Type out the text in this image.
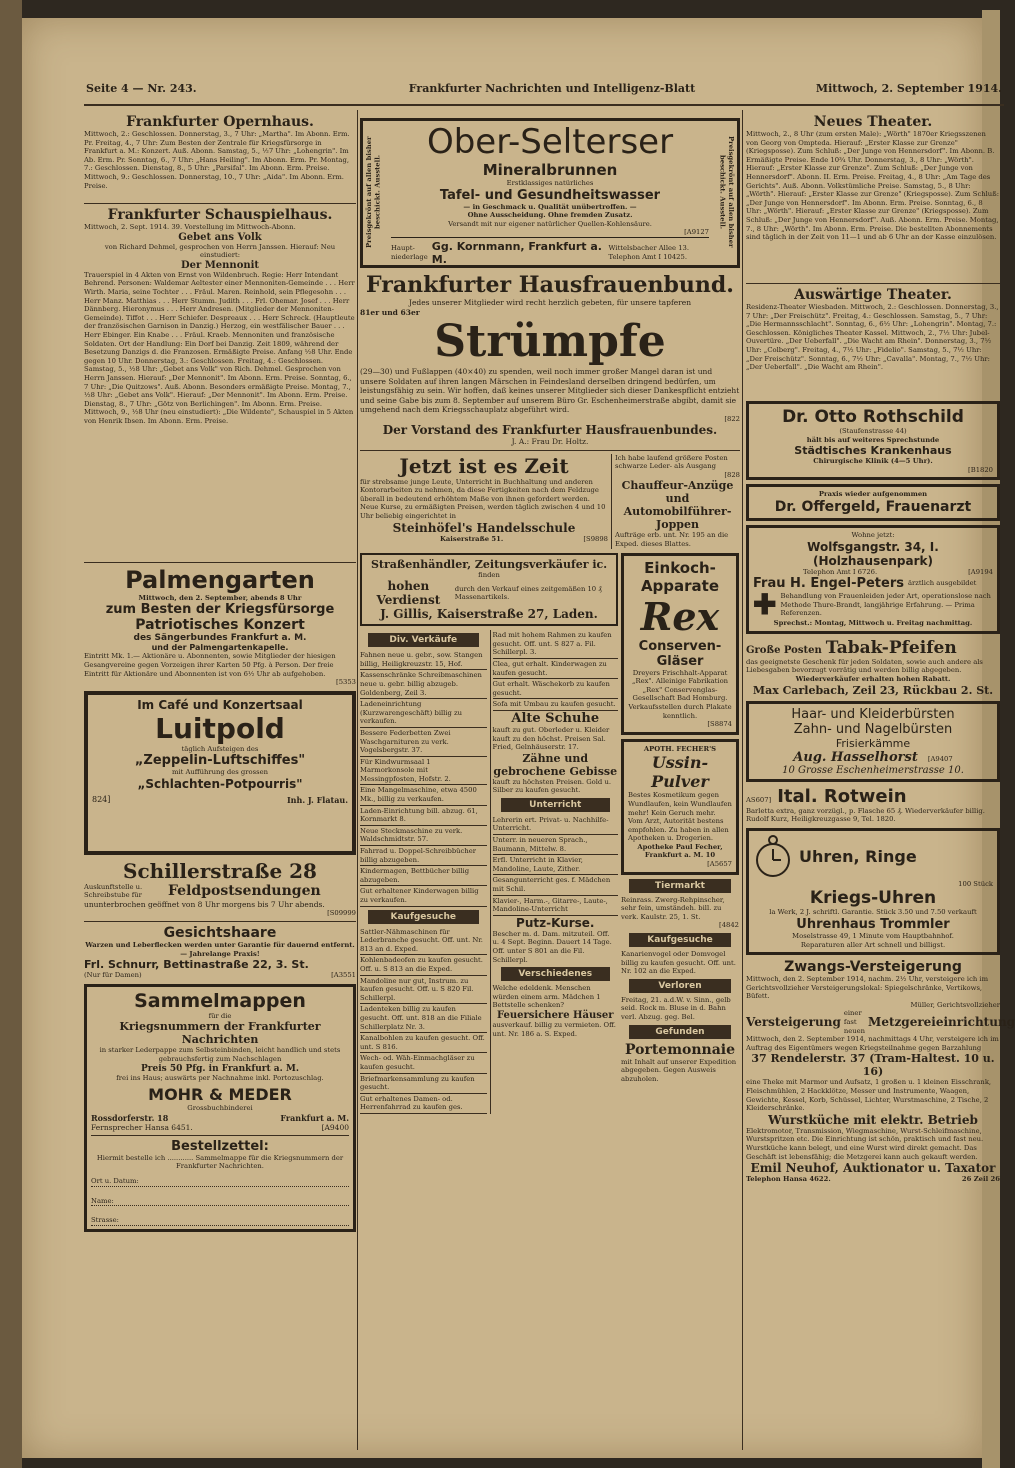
Seite 4 — Nr. 243.	Frankfurter Nachrichten und Intelligenz-Blatt	Mittwoch, 2. September 1914.
Frankfurter Opernhaus.
Mittwoch, 2.: Geschlossen. Donnerstag, 3., 7 Uhr: „Martha". Im Abonn. Erm. Pr. Freitag, 4., 7 Uhr: Zum Besten der Zentrale für Kriegsfürsorge in Frankfurt a. M.: Konzert. Auß. Abonn. Samstag, 5., ½7 Uhr: „Lohengrin". Im Ab. Erm. Pr. Sonntag, 6., 7 Uhr: „Hans Heiling". Im Abonn. Erm. Pr. Montag, 7.: Geschlossen. Dienstag, 8., 5 Uhr: „Parsifal". Im Abonn. Erm. Preise. Mittwoch, 9.: Geschlossen. Donnerstag, 10., 7 Uhr: „Aida". Im Abonn. Erm. Preise.
Frankfurter Schauspielhaus.
Mittwoch, 2. Sept. 1914. 39. Vorstellung im Mittwoch-Abonn.
Gebet ans Volk
von Richard Dehmel, gesprochen von Herrn Janssen. Hierauf: Neu einstudiert:
Der Mennonit
Trauerspiel in 4 Akten von Ernst von Wildenbruch. Regie: Herr Intendant Behrend. Personen: Waldemar Aeltester einer Mennoniten-Gemeinde . . . Herr Wirth. Maria, seine Tochter . . . Fräul. Maren. Reinhold, sein Pflegesohn . . . Herr Manz. Matthias . . . Herr Stumm. Judith . . . Frl. Ohemar. Josef . . . Herr Dännberg. Hieronymus . . . Herr Andresen. (Mitglieder der Mennoniten-Gemeinde). Tiffot . . . Herr Schiefer. Despreaux . . . Herr Schreck. (Hauptleute der französischen Garnison in Danzig.) Herzog, ein westfälischer Bauer . . . Herr Ebinger. Ein Knabe . . . Fräul. Kraeb. Mennoniten und französische Soldaten. Ort der Handlung: Ein Dorf bei Danzig. Zeit 1809, während der Besetzung Danzigs d. die Franzosen. Ermäßigte Preise. Anfang ½8 Uhr. Ende gegen 10 Uhr. Donnerstag, 3.: Geschlossen. Freitag, 4.: Geschlossen. Samstag, 5., ½8 Uhr: „Gebet ans Volk" von Rich. Dehmel. Gesprochen von Herrn Janssen. Hierauf: „Der Mennonit". Im Abonn. Erm. Preise. Sonntag, 6., 7 Uhr: „Die Quitzows". Auß. Abonn. Besonders ermäßigte Preise. Montag, 7., ½8 Uhr: „Gebet ans Volk". Hierauf: „Der Mennonit". Im Abonn. Erm. Preise. Dienstag, 8., 7 Uhr: „Götz von Berlichingen". Im Abonn. Erm. Preise. Mittwoch, 9., ½8 Uhr (neu einstudiert): „Die Wildente", Schauspiel in 5 Akten von Henrik Ibsen. Im Abonn. Erm. Preise.
Palmengarten
Mittwoch, den 2. September, abends 8 Uhr
zum Besten der Kriegsfürsorge
Patriotisches Konzert
des Sängerbundes Frankfurt a. M.
und der Palmengartenkapelle.
Eintritt Mk. 1.— Aktionäre u. Abonnenten, sowie Mitglieder der hiesigen Gesangvereine gegen Vorzeigen ihrer Karten 50 Pfg. à Person. Der freie Eintritt für Aktionäre und Abonnenten ist von 6½ Uhr ab aufgehoben.
[5353
Im Café und Konzertsaal
Luitpold
täglich Aufsteigen des
„Zeppelin-Luftschiffes"
mit Aufführung des grossen
„Schlachten-Potpourris"
824]	Inh. J. Flatau.
Schillerstraße 28
Auskunftstelle u. Schreibstube für	Feldpostsendungen
ununterbrochen geöffnet von 8 Uhr morgens bis 7 Uhr abends.
[S09999
Gesichtshaare
Warzen und Leberflecken werden unter Garantie für dauernd entfernt. — Jahrelange Praxis!
Frl. Schnurr, Bettinastraße 22, 3. St.
(Nur für Damen)	[A3551
Sammelmappen
für die
Kriegsnummern der Frankfurter Nachrichten
in starker Lederpappe zum Selbsteinbinden, leicht handlich und stets gebrauchsfertig zum Nachschlagen
Preis 50 Pfg. in Frankfurt a. M.
frei ins Haus; auswärts per Nachnahme inkl. Portozuschlag.
MOHR & MEDER
Grossbuchbinderei
Rossdorferstr. 18	Frankfurt a. M.
Fernsprecher Hansa 6451.	[A9400
Bestellzettel:
Hiermit bestelle ich ............ Sammelmappe für die Kriegsnummern der Frankfurter Nachrichten.
Ort u. Datum:
Name:
Strasse:
Preisgekrönt auf allen bisher beschickt. Ausstell.	Preisgekrönt auf allen bisher beschickt. Ausstell.
Ober-Selterser
Mineralbrunnen
Erstklassiges natürliches
Tafel- und Gesundheitswasser
— in Geschmack u. Qualität unübertroffen. —
Ohne Ausscheidung. Ohne fremden Zusatz.
Versandt mit nur eigener natürlicher Quellen-Kohlensäure.
[A9127
Haupt-niederlage
Gg. Kornmann, Frankfurt a. M.
Wittelsbacher Allee 13. Telephon Amt I 10425.
Frankfurter Hausfrauenbund.
Jedes unserer Mitglieder wird recht herzlich gebeten, für unsere tapferen
81er und 63er
Strümpfe
(29—30) und Fußlappen (40×40) zu spenden, weil noch immer großer Mangel daran ist und unsere Soldaten auf ihren langen Märschen in Feindesland derselben dringend bedürfen, um leistungsfähig zu sein. Wir hoffen, daß keines unserer Mitglieder sich dieser Dankespflicht entzieht und seine Gabe bis zum 8. September auf unserem Büro Gr. Eschenheimerstraße abgibt, damit sie umgehend nach dem Kriegsschauplatz abgeführt wird.
[822
Der Vorstand des Frankfurter Hausfrauenbundes.
J. A.: Frau Dr. Holtz.
Jetzt ist es Zeit
für strebsame junge Leute, Unterricht in Buchhaltung und anderen Kontorarbeiten zu nehmen, da diese Fertigkeiten nach dem Feldzuge überall in bedeutend erhöhtem Maße von ihnen gefordert werden. Neue Kurse, zu ermäßigten Preisen, werden täglich zwischen 4 und 10 Uhr beliebig eingerichtet in
Steinhöfel's Handelsschule
Kaiserstraße 51.	[S9898
Ich habe laufend größere Posten schwarze Leder- als Ausgang
[828
Chauffeur-Anzüge und Automobilführer-Joppen
Aufträge erb. unt. Nr. 195 an die Exped. dieses Blattes.
Straßenhändler, Zeitungsverkäufer ic.
finden
hohen Verdienst
durch den Verkauf eines zeitgemäßen 10 ₰ Massenartikels.
J. Gillis, Kaiserstraße 27, Laden.
Div. Verkäufe
Fahnen neue u. gebr., sow. Stangen billig, Heiligkreuzstr. 15, Hof.
Kassenschränke Schreibmaschinen neue u. gebr. billig abzugeb. Goldenberg, Zeil 3.
Ladeneinrichtung (Kurzwarengeschäft) billig zu verkaufen.
Bessere Federbetten Zwei Waschgarnituren zu verk. Vogelsbergstr. 37.
Für Kindwurmsaal 1 Marmorkonsole mit Messingpfosten, Hofstr. 2.
Eine Mangelmaschine, etwa 4500 Mk., billig zu verkaufen.
Laden-Einrichtung bill. abzug. 61, Kornmarkt 8.
Neue Steckmaschine zu verk. Waldschmidtstr. 57.
Fahrrad u. Doppel-Schreibbücher billig abzugeben.
Kindermagen, Bettbücher billig abzugeben.
Gut erhaltener Kinderwagen billig zu verkaufen.
Kaufgesuche
Sattler-Nähmaschinen für Lederbranche gesucht. Off. unt. Nr. 813 an d. Exped.
Kohlenbadeofen zu kaufen gesucht. Off. u. S 813 an die Exped.
Mandoline nur gut, Instrum. zu kaufen gesucht. Off. u. S 820 Fil. Schillerpl.
Ladenteken billig zu kaufen gesucht. Off. unt. 818 an die Filiale Schillerplatz Nr. 3.
Kanalbohlen zu kaufen gesucht. Off. unt. S 816.
Wech- od. Wäh-Einmachgläser zu kaufen gesucht.
Briefmarkensammlung zu kaufen gesucht.
Gut erhaltenes Damen- od. Herrenfahrrad zu kaufen ges.
Rad mit hohem Rahmen zu kaufen gesucht. Off. unt. S 827 a. Fil. Schillerpl. 3.
Clea, gut erhalt. Kinderwagen zu kaufen gesucht.
Gut erhalt. Wäschekorb zu kaufen gesucht.
Sofa mit Umbau zu kaufen gesucht.
Alte Schuhe
kauft zu gut. Oberleder u. Kleider kauft zu den höchst. Preisen Sal. Fried, Gelnhäuserstr. 17.
Zähne und gebrochene Gebisse
kauft zu höchsten Preisen. Gold u. Silber zu kaufen gesucht.
Unterricht
Lehrerin ert. Privat- u. Nachhilfe-Unterricht.
Unterr. in neueren Sprach., Baumann, Mittelw. 8.
Erfl. Unterricht in Klavier, Mandoline, Laute, Zither.
Gesangunterricht ges. f. Mädchen mit Schil.
Klavier-, Harm.-, Gitarre-, Laute-, Mandoline-Unterricht
Putz-Kurse.
Bescher m. d. Dam. mitzuteil. Off. u. 4 Sept. Beginn. Dauert 14 Tage. Off. unter S 801 an die Fil. Schillerpl.
Verschiedenes
Welche edeldenk. Menschen würden einem arm. Mädchen 1 Bettstelle schenken?
Feuersichere Häuser
ausverkauf. billig zu vermieten. Off. unt. Nr. 186 a. S. Exped.
Einkoch-
Apparate
Rex
Conserven-
Gläser
Dreyers Frischhalt-Apparat „Rex". Alleinige Fabrikation „Rex" Conservenglas-Gesellschaft Bad Homburg. Verkaufsstellen durch Plakate kenntlich.
[S8874
APOTH. FECHER'S
Ussin-Pulver
Bestes Kosmetikum gegen Wundlaufen, kein Wundlaufen mehr! Kein Geruch mehr. Vom Arzt, Autorität bestens empfohlen. Zu haben in allen Apotheken u. Drogerien.
Apotheke Paul Fecher, Frankfurt a. M. 10
[A5657
Tiermarkt
Reinrass. Zwerg-Rehpinscher, sehr fein, umständeh. bill. zu verk. Kaulstr. 25, 1. St.
[4842
Kaufgesuche
Kanarienvogel oder Domvogel billig zu kaufen gesucht. Off. unt. Nr. 102 an die Exped.
Verloren
Freitag, 21. a.d.W. v. Sinn., gelb seid. Rock m. Bluse in d. Bahn verl. Abzug. geg. Bel.
Gefunden
Portemonnaie
mit Inhalt auf unserer Expedition abgegeben. Gegen Ausweis abzuholen.
Neues Theater.
Mittwoch, 2., 8 Uhr (zum ersten Male): „Wörth" 1870er Kriegsszenen von Georg von Ompteda. Hierauf: „Erster Klasse zur Grenze" (Kriegsposse). Zum Schluß: „Der Junge von Hennersdorf". Im Abonn. B. Ermäßigte Preise. Ende 10¾ Uhr. Donnerstag, 3., 8 Uhr: „Wörth". Hierauf: „Erster Klasse zur Grenze". Zum Schluß: „Der Junge von Hennersdorf". Abonn. II. Erm. Preise. Freitag, 4., 8 Uhr: „Am Tage des Gerichts". Auß. Abonn. Volkstümliche Preise. Samstag, 5., 8 Uhr: „Wörth". Hierauf: „Erster Klasse zur Grenze" (Kriegsposse). Zum Schluß: „Der Junge von Hennersdorf". Im Abonn. Erm. Preise. Sonntag, 6., 8 Uhr: „Wörth". Hierauf: „Erster Klasse zur Grenze" (Kriegsposse). Zum Schluß: „Der Junge von Hennersdorf". Auß. Abonn. Erm. Preise. Montag, 7., 8 Uhr: „Wörth". Im Abonn. Erm. Preise. Die bestellten Abonnements sind täglich in der Zeit von 11—1 und ab 6 Uhr an der Kasse einzulösen.
Auswärtige Theater.
Residenz-Theater Wiesbaden. Mittwoch, 2.: Geschlossen. Donnerstag, 3., 7 Uhr: „Der Freischütz". Freitag, 4.: Geschlossen. Samstag, 5., 7 Uhr: „Die Hermannsschlacht". Sonntag, 6., 6½ Uhr: „Lohengrin". Montag, 7.: Geschlossen. Königliches Theater Kassel. Mittwoch, 2., 7½ Uhr: Jubel-Ouvertüre. „Der Ueberfall". „Die Wacht am Rhein". Donnerstag, 3., 7½ Uhr: „Colberg". Freitag, 4., 7½ Uhr: „Fidelio". Samstag, 5., 7½ Uhr: „Der Freischütz". Sonntag, 6., 7½ Uhr: „Cavalla". Montag, 7., 7½ Uhr: „Der Ueberfall". „Die Wacht am Rhein".
Dr. Otto Rothschild
(Staufenstrasse 44)
hält bis auf weiteres Sprechstunde
Städtisches Krankenhaus
Chirurgische Klinik (4—5 Uhr).
[B1820
Praxis wieder aufgenommen
Dr. Offergeld, Frauenarzt
Wohne jetzt:
Wolfsgangstr. 34, I. (Holzhausenpark)
Telephon Amt I 6726.	[A9194
Frau H. Engel-Peters ärztlich ausgebildet
✚ Behandlung von Frauenleiden jeder Art, operationslose nach Methode Thure-Brandt, langjährige Erfahrung. — Prima Referenzen.
Sprechst.: Montag, Mittwoch u. Freitag nachmittag.
Große Posten Tabak-Pfeifen
das geeignetste Geschenk für jeden Soldaten, sowie auch andere als Liebesgaben bevorzugt vorrätig und werden billig abgegeben.
Wiederverkäufer erhalten hohen Rabatt.
Max Carlebach, Zeil 23, Rückbau 2. St.
Haar- und Kleiderbürsten
Zahn- und Nagelbürsten
Frisierkämme
Aug. Hasselhorst [A9407
10 Grosse Eschenheimerstrasse 10.
AS607] Ital. Rotwein
Barletta extra, ganz vorzügl., p. Flasche 65 ₰. Wiederverkäufer billig. Rudolf Kurz, Heiligkreuzgasse 9, Tel. 1820.
Uhren, Ringe
100 Stück
Kriegs-Uhren
la Werk, 2 J. schriftl. Garantie. Stück 3.50 und 7.50 verkauft
Uhrenhaus Trommler
Moselstrasse 49, 1 Minute vom Hauptbahnhof.
Reparaturen aller Art schnell und billigst.
Zwangs-Versteigerung
Mittwoch, den 2. September 1914, nachm. 2½ Uhr, versteigere ich im Gerichtsvollzieher Versteigerungslokal: Spiegelschränke, Vertikows, Büfett.
Müller, Gerichtsvollzieher
Versteigerung
einer fast neuen
Metzgereieinrichtung
Mittwoch, den 2. September 1914, nachmittags 4 Uhr, versteigere ich im Auftrag des Eigentümers wegen Kriegsteilnahme gegen Barzahlung
37 Rendelerstr. 37 (Tram-Haltest. 10 u. 16)
eine Theke mit Marmor und Aufsatz, 1 großen u. 1 kleinen Eisschrank, Fleischmühlen, 2 Hackklötze, Messer und Instrumente, Waagen, Gewichte, Kessel, Korb, Schüssel, Lichter, Wurstmaschine, 2 Tische, 2 Kleiderschränke.
Wurstküche mit elektr. Betrieb
Elektromotor, Transmission, Wiegmaschine, Wurst-Schleifmaschine, Wurstspritzen etc. Die Einrichtung ist schön, praktisch und fast neu. Wurstküche kann belegt, und eine Wurst wird direkt gemacht. Das Geschäft ist lebensfähig; die Metzgerei kann auch gekauft werden.
Emil Neuhof, Auktionator u. Taxator
Telephon Hansa 4622.	26 Zeil 26
